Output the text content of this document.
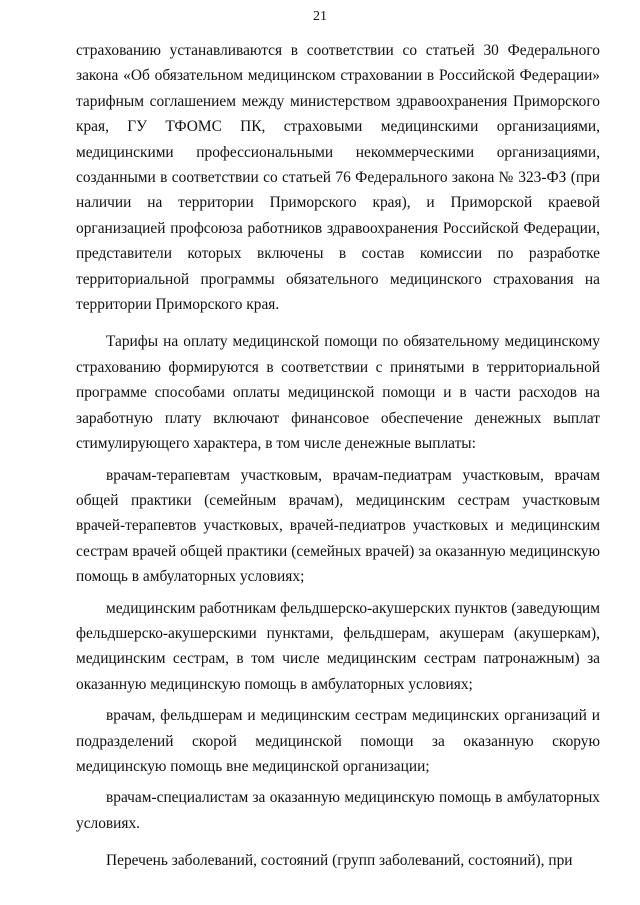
21

страхованию устанавливаются в соответствии со статьей 30 Федерального закона «Об обязательном медицинском страховании в Российской Федерации» тарифным соглашением между министерством здравоохранения Приморского края, ГУ ТФОМС ПК, страховыми медицинскими организациями, медицинскими профессиональными некоммерческими организациями, созданными в соответствии со статьей 76 Федерального закона № 323-ФЗ (при наличии на территории Приморского края), и Приморской краевой организацией профсоюза работников здравоохранения Российской Федерации, представители которых включены в состав комиссии по разработке территориальной программы обязательного медицинского страхования на территории Приморского края.

Тарифы на оплату медицинской помощи по обязательному медицинскому страхованию формируются в соответствии с принятыми в территориальной программе способами оплаты медицинской помощи и в части расходов на заработную плату включают финансовое обеспечение денежных выплат стимулирующего характера, в том числе денежные выплаты:

врачам-терапевтам участковым, врачам-педиатрам участковым, врачам общей практики (семейным врачам), медицинским сестрам участковым врачей-терапевтов участковых, врачей-педиатров участковых и медицинским сестрам врачей общей практики (семейных врачей) за оказанную медицинскую помощь в амбулаторных условиях;

медицинским работникам фельдшерско-акушерских пунктов (заведующим фельдшерско-акушерскими пунктами, фельдшерам, акушерам (акушеркам), медицинским сестрам, в том числе медицинским сестрам патронажным) за оказанную медицинскую помощь в амбулаторных условиях;

врачам, фельдшерам и медицинским сестрам медицинских организаций и подразделений скорой медицинской помощи за оказанную скорую медицинскую помощь вне медицинской организации;

врачам-специалистам за оказанную медицинскую помощь в амбулаторных условиях.

Перечень заболеваний, состояний (групп заболеваний, состояний), при
